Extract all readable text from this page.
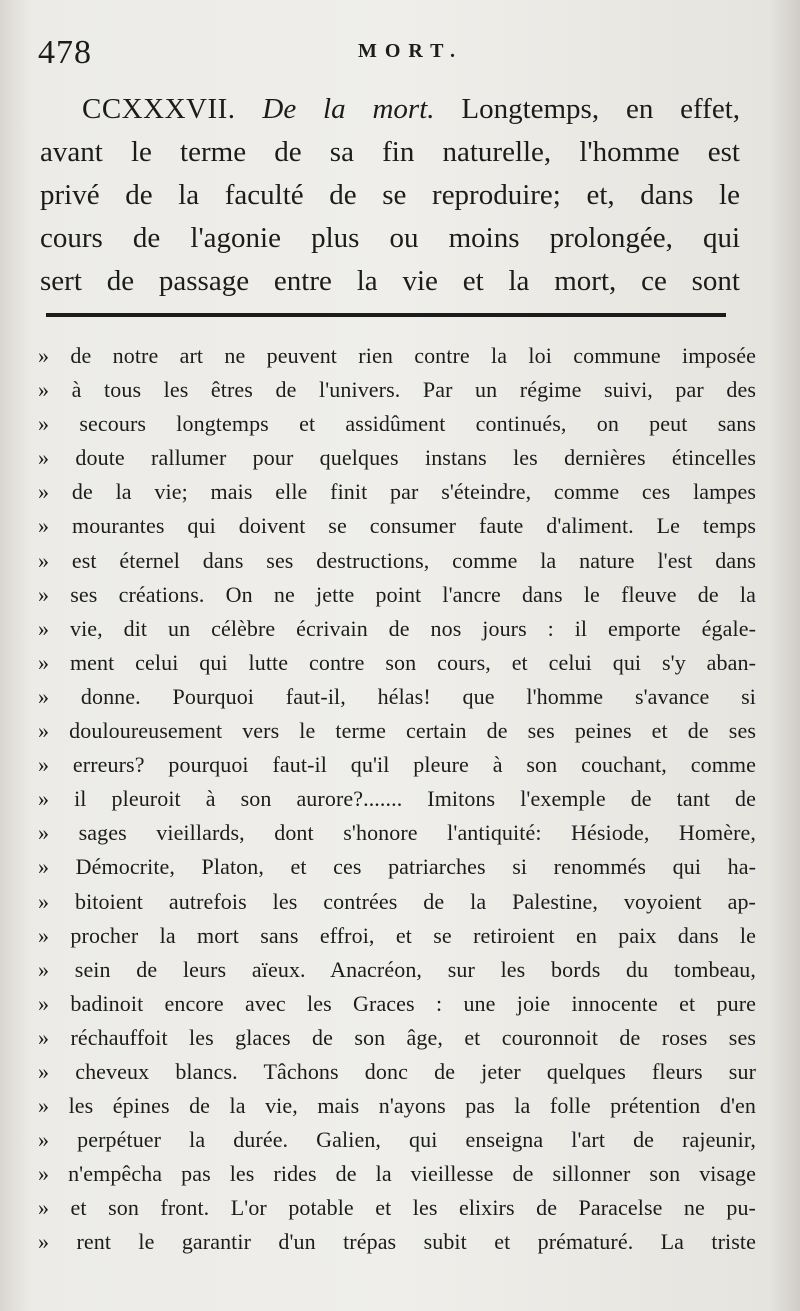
478	MORT.
CCXXXVII. De la mort. Longtemps, en effet,
avant le terme de sa fin naturelle, l'homme est
privé de la faculté de se reproduire; et, dans le
cours de l'agonie plus ou moins prolongée, qui
sert de passage entre la vie et la mort, ce sont
» de notre art ne peuvent rien contre la loi commune imposée
» à tous les êtres de l'univers. Par un régime suivi, par des
» secours longtemps et assidûment continués, on peut sans
» doute rallumer pour quelques instans les dernières étincelles
» de la vie; mais elle finit par s'éteindre, comme ces lampes
» mourantes qui doivent se consumer faute d'aliment. Le temps
» est éternel dans ses destructions, comme la nature l'est dans
» ses créations. On ne jette point l'ancre dans le fleuve de la
» vie, dit un célèbre écrivain de nos jours : il emporte égale-
» ment celui qui lutte contre son cours, et celui qui s'y aban-
» donne. Pourquoi faut-il, hélas! que l'homme s'avance si
» douloureusement vers le terme certain de ses peines et de ses
» erreurs? pourquoi faut-il qu'il pleure à son couchant, comme
» il pleuroit à son aurore?....... Imitons l'exemple de tant de
» sages vieillards, dont s'honore l'antiquité: Hésiode, Homère,
» Démocrite, Platon, et ces patriarches si renommés qui ha-
» bitoient autrefois les contrées de la Palestine, voyoient ap-
» procher la mort sans effroi, et se retiroient en paix dans le
» sein de leurs aïeux. Anacréon, sur les bords du tombeau,
» badinoit encore avec les Graces : une joie innocente et pure
» réchauffoit les glaces de son âge, et couronnoit de roses ses
» cheveux blancs. Tâchons donc de jeter quelques fleurs sur
» les épines de la vie, mais n'ayons pas la folle prétention d'en
» perpétuer la durée. Galien, qui enseigna l'art de rajeunir,
» n'empêcha pas les rides de la vieillesse de sillonner son visage
» et son front. L'or potable et les elixirs de Paracelse ne pu-
» rent le garantir d'un trépas subit et prématuré. La triste
